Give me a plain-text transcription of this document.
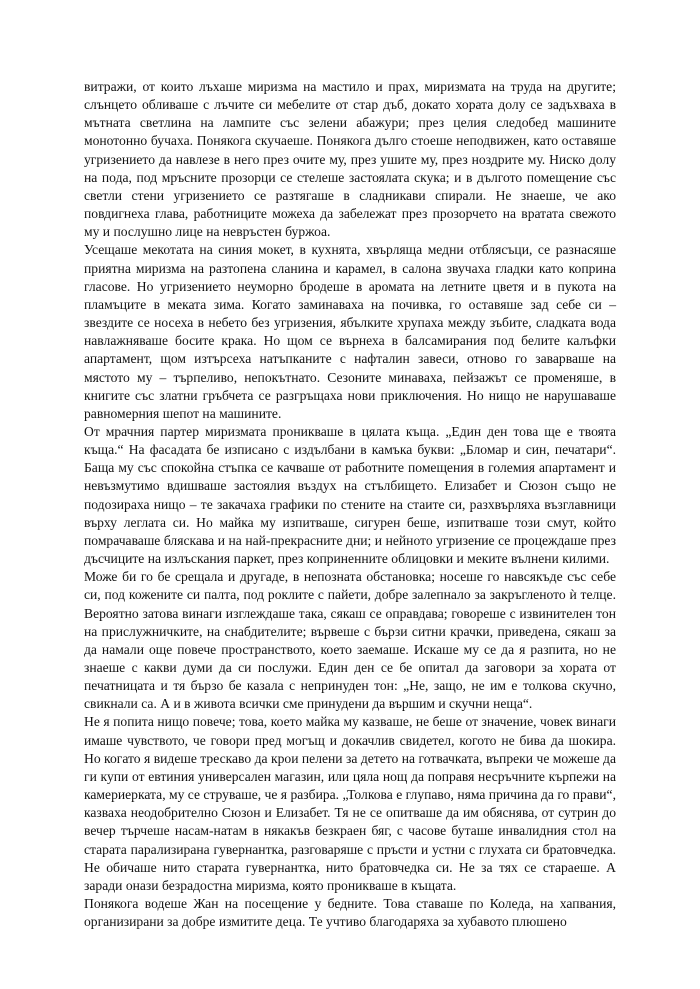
витражи, от които лъхаше миризма на мастило и прах, миризмата на труда на другите; слънцето обливаше с лъчите си мебелите от стар дъб, докато хората долу се задъхваха в мътната светлина на лампите със зелени абажури; през целия следобед машините монотонно бучаха. Понякога скучаеше. Понякога дълго стоеше неподвижен, като оставяше угризението да навлезе в него през очите му, през ушите му, през ноздрите му. Ниско долу на пода, под мръсните прозорци се стелеше застоялата скука; и в дългото помещение със светли стени угризението се разтягаше в сладникави спирали. Не знаеше, че ако повдигнеха глава, работниците можеха да забележат през прозорчето на вратата свежото му и послушно лице на невръстен буржоа.

Усещаше мекотата на синия мокет, в кухнята, хвърляща медни отблясъци, се разнасяше приятна миризма на разтопена сланина и карамел, в салона звучаха гладки като коприна гласове. Но угризението неуморно бродеше в аромата на летните цветя и в пукота на пламъците в меката зима. Когато заминаваха на почивка, го оставяше зад себе си – звездите се носеха в небето без угризения, ябълките хрупаха между зъбите, сладката вода навлажняваше босите крака. Но щом се върнеха в балсамирания под белите калъфки апартамент, щом изтърсеха натъпканите с нафталин завеси, отново го заварваше на мястото му – търпеливо, непокътнато. Сезоните минаваха, пейзажът се променяше, в книгите със златни гръбчета се разгръщаха нови приключения. Но нищо не нарушаваше равномерния шепот на машините.

От мрачния партер миризмата проникваше в цялата къща. „Един ден това ще е твоята къща.“ На фасадата бе изписано с издълбани в камъка букви: „Бломар и син, печатари“. Баща му със спокойна стъпка се качваше от работните помещения в големия апартамент и невъзмутимо вдишваше застоялия въздух на стълбището. Елизабет и Сюзон също не подозираха нищо – те закачаха графики по стените на стаите си, разхвърляха възглавници върху леглата си. Но майка му изпитваше, сигурен беше, изпитваше този смут, който помрачаваше бляскава и на най-прекрасните дни; и нейното угризение се процеждаше през дъсчиците на излъскания паркет, през коприненните облицовки и меките вълнени килими.

Може би го бе срещала и другаде, в непозната обстановка; носеше го навсякъде със себе си, под кожените си палта, под роклите с пайети, добре залепнало за закръгленото ѝ телце. Вероятно затова винаги изглеждаше така, сякаш се оправдава; говореше с извинителен тон на прислужничките, на снабдителите; вървеше с бързи ситни крачки, приведена, сякаш за да намали още повече пространството, което заемаше. Искаше му се да я разпита, но не знаеше с какви думи да си послужи. Един ден се бе опитал да заговори за хората от печатницата и тя бързо бе казала с непринуден тон: „Не, защо, не им е толкова скучно, свикнали са. А и в живота всички сме принудени да вършим и скучни неща“.

Не я попита нищо повече; това, което майка му казваше, не беше от значение, човек винаги имаше чувството, че говори пред могъщ и докачлив свидетел, когото не бива да шокира. Но когато я видеше трескаво да крои пелени за детето на готвачката, въпреки че можеше да ги купи от евтиния универсален магазин, или цяла нощ да поправя несръчните кърпежи на камериерката, му се струваше, че я разбира. „Толкова е глупаво, няма причина да го прави“, казваха неодобрително Сюзон и Елизабет. Тя не се опитваше да им обяснява, от сутрин до вечер търчеше насам-натам в някакъв безкраен бяг, с часове буташе инвалидния стол на старата парализирана гувернантка, разговаряше с пръсти и устни с глухата си братовчедка. Не обичаше нито старата гувернантка, нито братовчедка си. Не за тях се стараеше. А заради онази безрадостна миризма, която проникваше в къщата.

Понякога водеше Жан на посещение у бедните. Това ставаше по Коледа, на хапвания, организирани за добре измитите деца. Те учтиво благодаряха за хубавото плюшено
